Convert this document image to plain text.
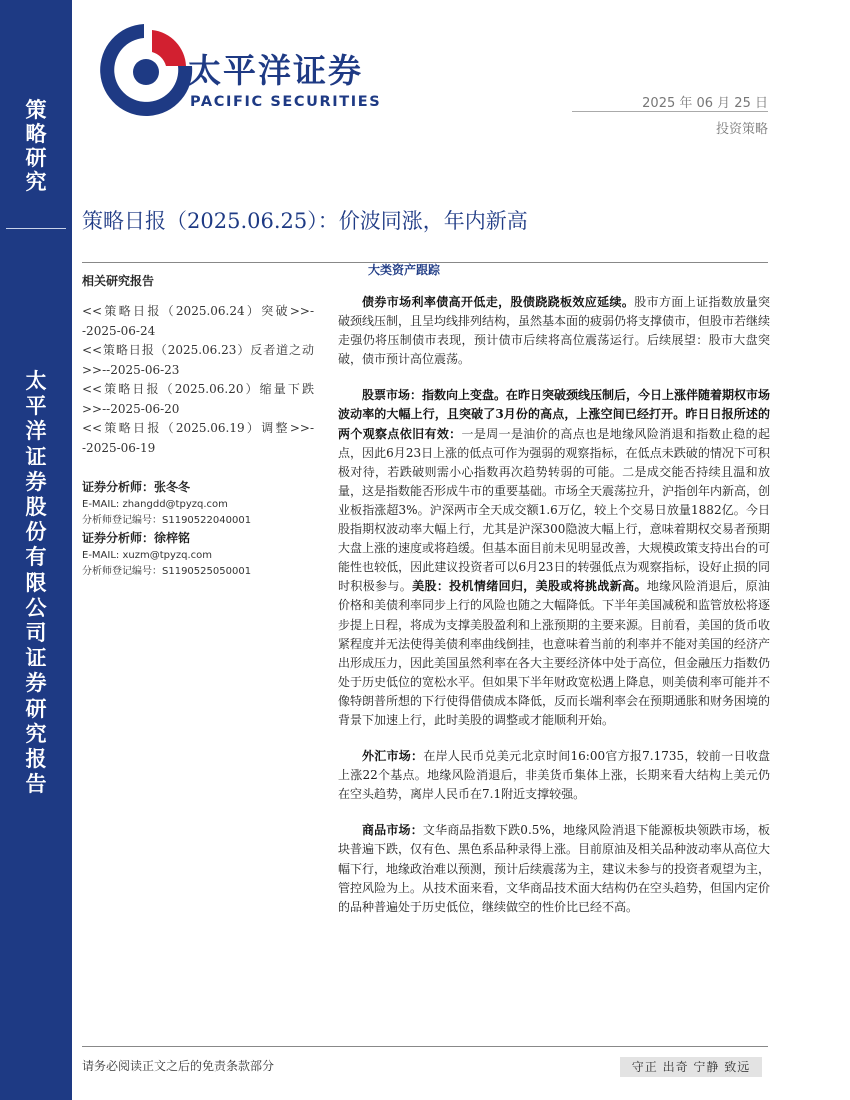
策略研究
太平洋证券股份有限公司证券研究报告
太平洋证券
PACIFIC SECURITIES	2025 年 06 月 25 日
投资策略
策略日报（2025.06.25）：价波同涨，年内新高
相关研究报告
<<策略日报（2025.06.24）突破>>--2025-06-24
<<策略日报（2025.06.23）反者道之动>>--2025-06-23
<<策略日报（2025.06.20）缩量下跌>>--2025-06-20
<<策略日报（2025.06.19）调整>>--2025-06-19
证券分析师：张冬冬
E-MAIL: zhangdd@tpyzq.com
分析师登记编号：S1190522040001
证券分析师：徐梓铭
E-MAIL: xuzm@tpyzq.com
分析师登记编号：S1190525050001
大类资产跟踪

债券市场利率债高开低走，股债跷跷板效应延续。股市方面上证指数放量突破颈线压制，且呈均线排列结构，虽然基本面的疲弱仍将支撑债市，但股市若继续走强仍将压制债市表现，预计债市后续将高位震荡运行。后续展望：股市大盘突破，债市预计高位震荡。

股票市场：指数向上变盘。在昨日突破颈线压制后，今日上涨伴随着期权市场波动率的大幅上行，且突破了3月份的高点，上涨空间已经打开。昨日日报所述的两个观察点依旧有效：一是周一是油价的高点也是地缘风险消退和指数止稳的起点，因此6月23日上涨的低点可作为强弱的观察指标，在低点未跌破的情况下可积极对待，若跌破则需小心指数再次趋势转弱的可能。二是成交能否持续且温和放量，这是指数能否形成牛市的重要基础。市场全天震荡拉升，沪指创年内新高，创业板指涨超3%。沪深两市全天成交额1.6万亿，较上个交易日放量1882亿。今日股指期权波动率大幅上行，尤其是沪深300隐波大幅上行，意味着期权交易者预期大盘上涨的速度或将趋缓。但基本面目前未见明显改善，大规模政策支持出台的可能性也较低，因此建议投资者可以6月23日的转强低点为观察指标，设好止损的同时积极参与。美股：投机情绪回归，美股或将挑战新高。地缘风险消退后，原油价格和美债利率同步上行的风险也随之大幅降低。下半年美国减税和监管放松将逐步提上日程，将成为支撑美股盈利和上涨预期的主要来源。目前看，美国的货币收紧程度并无法使得美债利率曲线倒挂，也意味着当前的利率并不能对美国的经济产出形成压力，因此美国虽然利率在各大主要经济体中处于高位，但金融压力指数仍处于历史低位的宽松水平。但如果下半年财政宽松遇上降息，则美债利率可能并不像特朗普所想的下行使得借债成本降低，反而长端利率会在预期通胀和财务困境的背景下加速上行，此时美股的调整或才能顺利开始。

外汇市场：在岸人民币兑美元北京时间16:00官方报7.1735，较前一日收盘上涨22个基点。地缘风险消退后，非美货币集体上涨，长期来看大结构上美元仍在空头趋势，离岸人民币在7.1附近支撑较强。

商品市场：文华商品指数下跌0.5%，地缘风险消退下能源板块领跌市场，板块普遍下跌，仅有色、黑色系品种录得上涨。目前原油及相关品种波动率从高位大幅下行，地缘政治难以预测，预计后续震荡为主，建议未参与的投资者观望为主，管控风险为上。从技术面来看，文华商品技术面大结构仍在空头趋势，但国内定价的品种普遍处于历史低位，继续做空的性价比已经不高。

请务必阅读正文之后的免责条款部分	守正 出奇 宁静 致远
